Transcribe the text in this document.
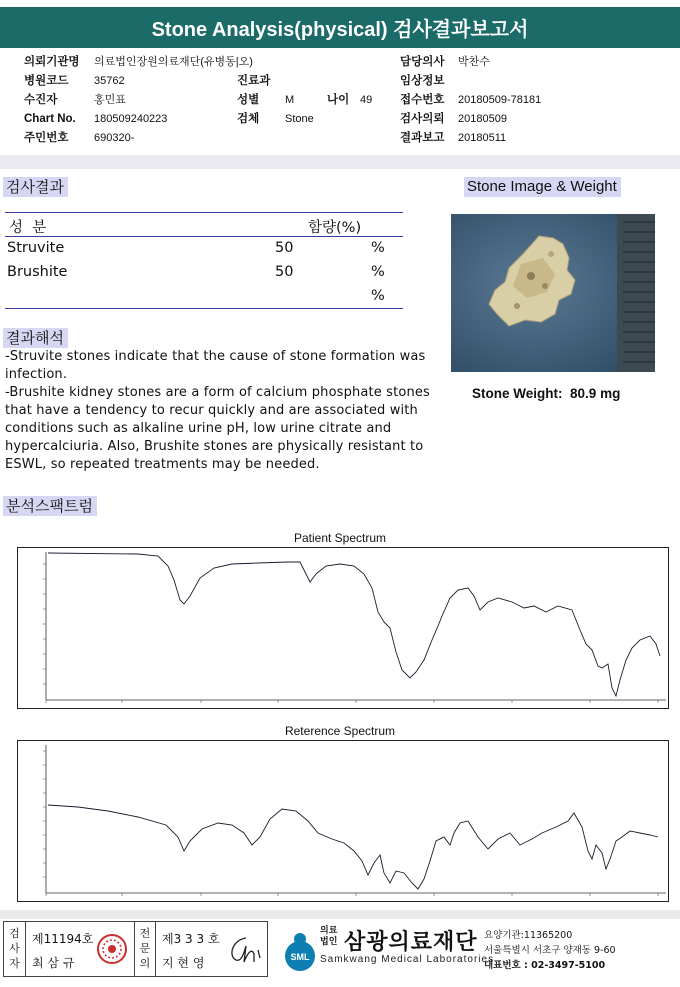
Stone Analysis(physical) 검사결과보고서
의뢰기관명 의료법인장원의료재단(유병동|오)
병원코드 35762
수진자	홍민표
Chart No. 180509240223
주민번호 690320-
진료과
성별 M	나이 49
검체 Stone
담당의사 박찬수
임상정보
접수번호 20180509-78181
검사의뢰 20180509
결과보고 20180511
검사결과
성  분	함량(%)
Struvite	50	%
Brushite	50	%
%
결과해석
-Struvite stones indicate that the cause of stone formation was infection.
-Brushite kidney stones are a form of calcium phosphate stones that have a tendency to recur quickly and are associated with conditions such as alkaline urine pH, low urine citrate and hypercalciuria. Also, Brushite stones are physically resistant to ESWL, so repeated treatments may be needed.
Stone Image & Weight
Stone Weight: 80.9 mg
분석스팩트럼
Patient Spectrum
Reterence Spectrum
검사자
제11194호
최 삼 규
전문의
제3 3 3 호
지 현 영	SML
의료법인 삼광의료재단
Samkwang Medical Laboratories
요양기관:11365200
서울특별시 서초구 양재동 9-60
대표번호 : 02-3497-5100
